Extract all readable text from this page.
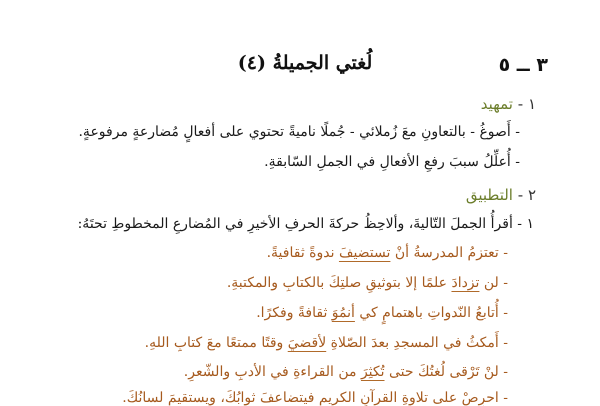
٣ ــ ٥
لُغتي الجميلةُ (٤)
١ - تمهيد
- أَصوغُ - بالتعاونِ معَ زُملائي - جُملًا ناميةً تحتوي على أفعالٍ مُضارعةٍ مرفوعةٍ.
- أُعلِّلُ سببَ رفعِ الأفعالِ في الجملِ السّابقةِ.
٢ - التطبيق
١ - أقرأُ الجملَ التّاليةَ، وألاحِظُ حركةَ الحرفِ الأخيرِ في المُضارعِ المخطوطِ تحتَهُ:
- تعتزمُ المدرسةُ أنْ تستضيفَ ندوةً ثقافيةً.
- لن تزدادَ علمًا إلا بتوثيقِ صلتِكَ بالكتابِ والمكتبةِ.
- أُتابعُ النّدواتِ باهتمامٍ كي أنمُوَ ثقافةً وفكرًا.
- أَمكثُ في المسجدِ بعدَ الصّلاةِ لأقضيَ وقتًا ممتعًا معَ كتابِ اللهِ.
- لنْ تَرْقى لُغتُكَ حتى تُكثِرَ من القراءةِ في الأدبِ والشّعرِ.
- احرِصْ على تلاوةِ القرآنِ الكريمِ فيتضاعفَ ثوابُكَ، ويستقيمَ لسانُكَ.
